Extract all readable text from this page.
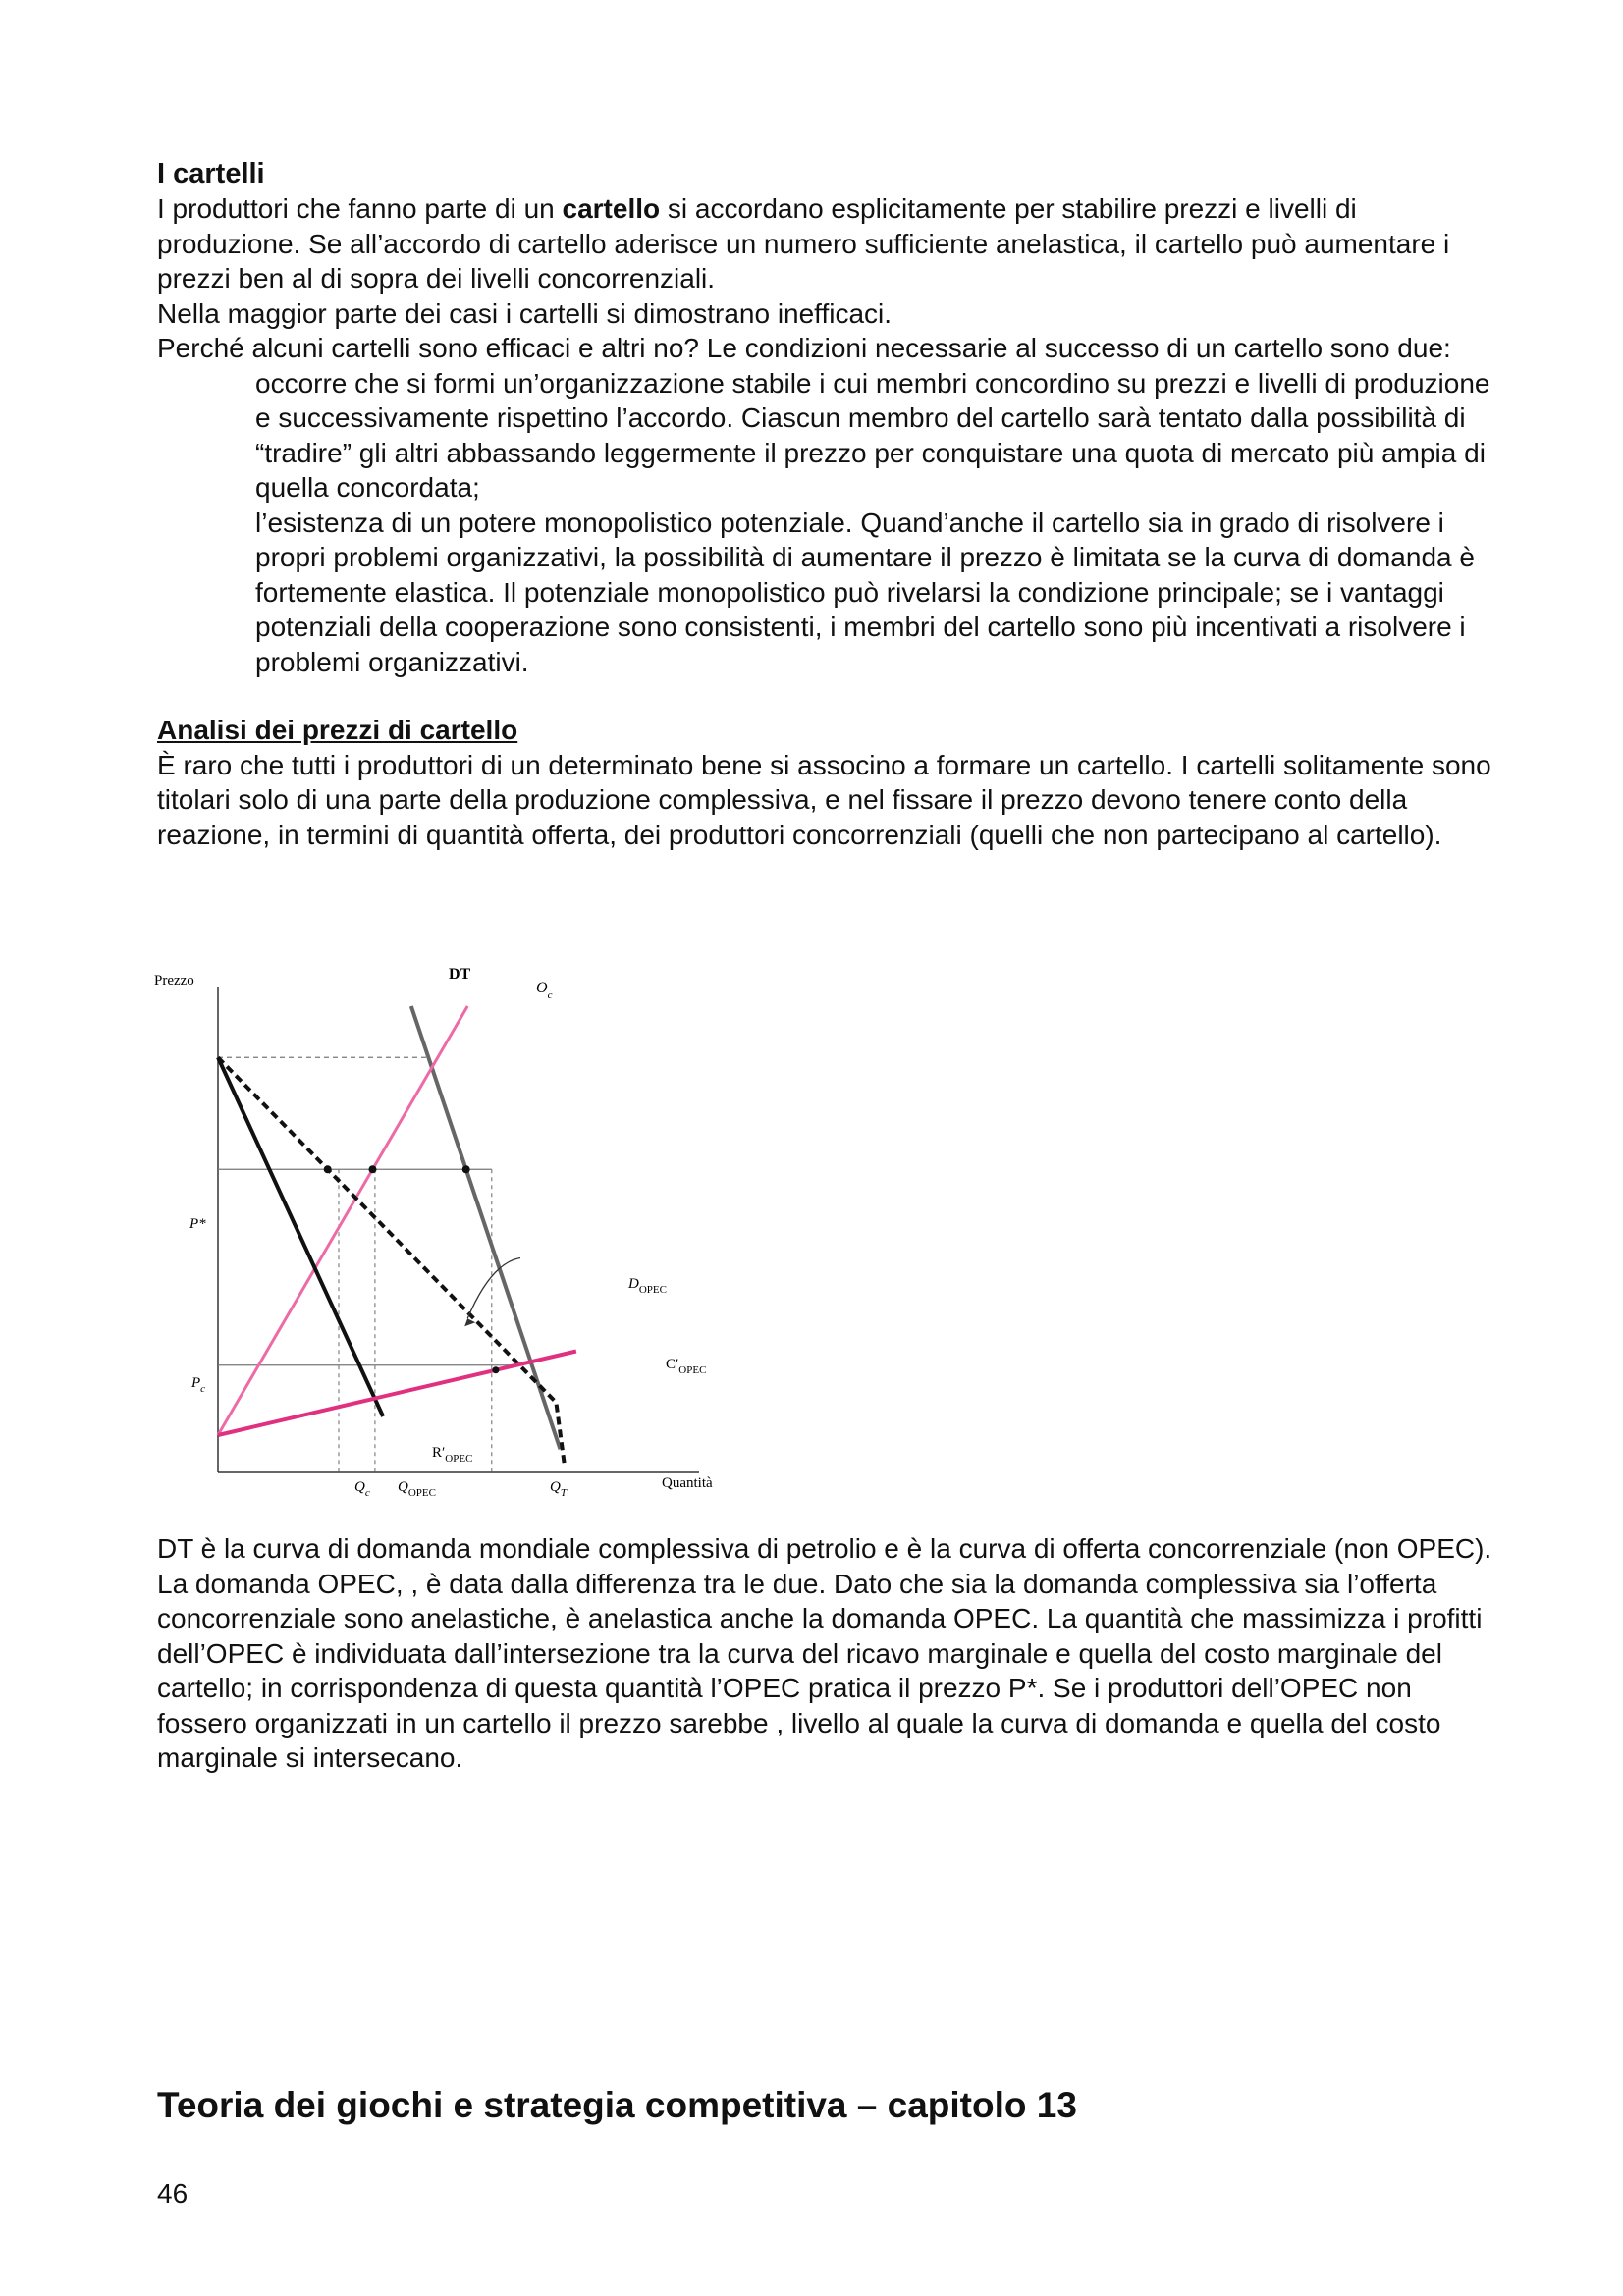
I cartelli

I produttori che fanno parte di un cartello si accordano esplicitamente per stabilire prezzi e livelli di produzione. Se all’accordo di cartello aderisce un numero sufficiente anelastica, il cartello può aumentare i prezzi ben al di sopra dei livelli concorrenziali.

Nella maggior parte dei casi i cartelli si dimostrano inefficaci.

Perché alcuni cartelli sono efficaci e altri no? Le condizioni necessarie al successo di un cartello sono due:

occorre che si formi un’organizzazione stabile i cui membri concordino su prezzi e livelli di produzione e successivamente rispettino l’accordo. Ciascun membro del cartello sarà tentato dalla possibilità di “tradire” gli altri abbassando leggermente il prezzo per conquistare una quota di mercato più ampia di quella concordata;

l’esistenza di un potere monopolistico potenziale. Quand’anche il cartello sia in grado di risolvere i propri problemi organizzativi, la possibilità di aumentare il prezzo è limitata se la curva di domanda è fortemente elastica. Il potenziale monopolistico può rivelarsi la condizione principale; se i vantaggi potenziali della cooperazione sono consistenti, i membri del cartello sono più incentivati a risolvere i problemi organizzativi.

Analisi dei prezzi di cartello

È raro che tutti i produttori di un determinato bene si associno a formare un cartello. I cartelli solitamente sono titolari solo di una parte della produzione complessiva, e nel fissare il prezzo devono tenere conto della reazione, in termini di quantità offerta, dei produttori concorrenziali (quelli che non partecipano al cartello).

Prezzo
Quantità
DT
$O_c$
$D_{OPEC}$
$C'_{OPEC}$
$R'_{OPEC}$
P*
$P_c$
$Q_c$ $Q_{OPEC}$	$Q_T$

DT è la curva di domanda mondiale complessiva di petrolio e è la curva di offerta concorrenziale (non OPEC). La domanda OPEC, , è data dalla differenza tra le due. Dato che sia la domanda complessiva sia l’offerta concorrenziale sono anelastiche, è anelastica anche la domanda OPEC. La quantità che massimizza i profitti dell’OPEC è individuata dall’intersezione tra la curva del ricavo marginale e quella del costo marginale del cartello; in corrispondenza di questa quantità l’OPEC pratica il prezzo P*. Se i produttori dell’OPEC non fossero organizzati in un cartello il prezzo sarebbe , livello al quale la curva di domanda e quella del costo marginale si intersecano.

Teoria dei giochi e strategia competitiva – capitolo 13

46
